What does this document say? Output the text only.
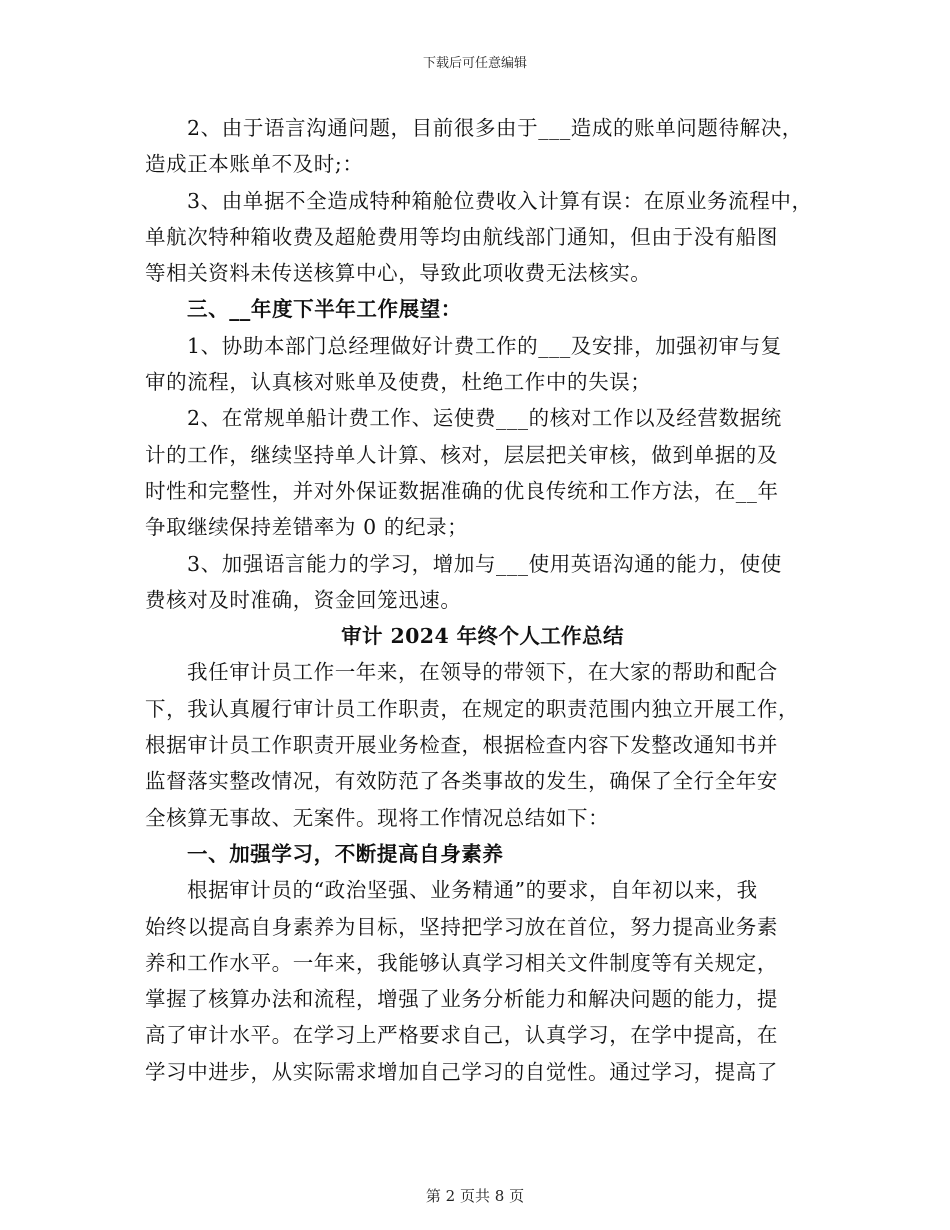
下载后可任意编辑
2、由于语言沟通问题，目前很多由于___造成的账单问题待解决，
造成正本账单不及时;：
3、由单据不全造成特种箱舱位费收入计算有误：在原业务流程中，
单航次特种箱收费及超舱费用等均由航线部门通知，但由于没有船图
等相关资料未传送核算中心，导致此项收费无法核实。
三、__年度下半年工作展望：
1、协助本部门总经理做好计费工作的___及安排，加强初审与复
审的流程，认真核对账单及使费，杜绝工作中的失误；
2、在常规单船计费工作、运使费___的核对工作以及经营数据统
计的工作，继续坚持单人计算、核对，层层把关审核，做到单据的及
时性和完整性，并对外保证数据准确的优良传统和工作方法，在__年
争取继续保持差错率为 0 的纪录；
3、加强语言能力的学习，增加与___使用英语沟通的能力，使使
费核对及时准确，资金回笼迅速。
审计 2024 年终个人工作总结
我任审计员工作一年来，在领导的带领下，在大家的帮助和配合
下，我认真履行审计员工作职责，在规定的职责范围内独立开展工作，
根据审计员工作职责开展业务检查，根据检查内容下发整改通知书并
监督落实整改情况，有效防范了各类事故的发生，确保了全行全年安
全核算无事故、无案件。现将工作情况总结如下：
一、加强学习，不断提高自身素养
根据审计员的“政治坚强、业务精通”的要求，自年初以来，我
始终以提高自身素养为目标，坚持把学习放在首位，努力提高业务素
养和工作水平。一年来，我能够认真学习相关文件制度等有关规定，
掌握了核算办法和流程，增强了业务分析能力和解决问题的能力，提
高了审计水平。在学习上严格要求自己，认真学习，在学中提高，在
学习中进步，从实际需求增加自己学习的自觉性。通过学习，提高了
第 2 页共 8 页
